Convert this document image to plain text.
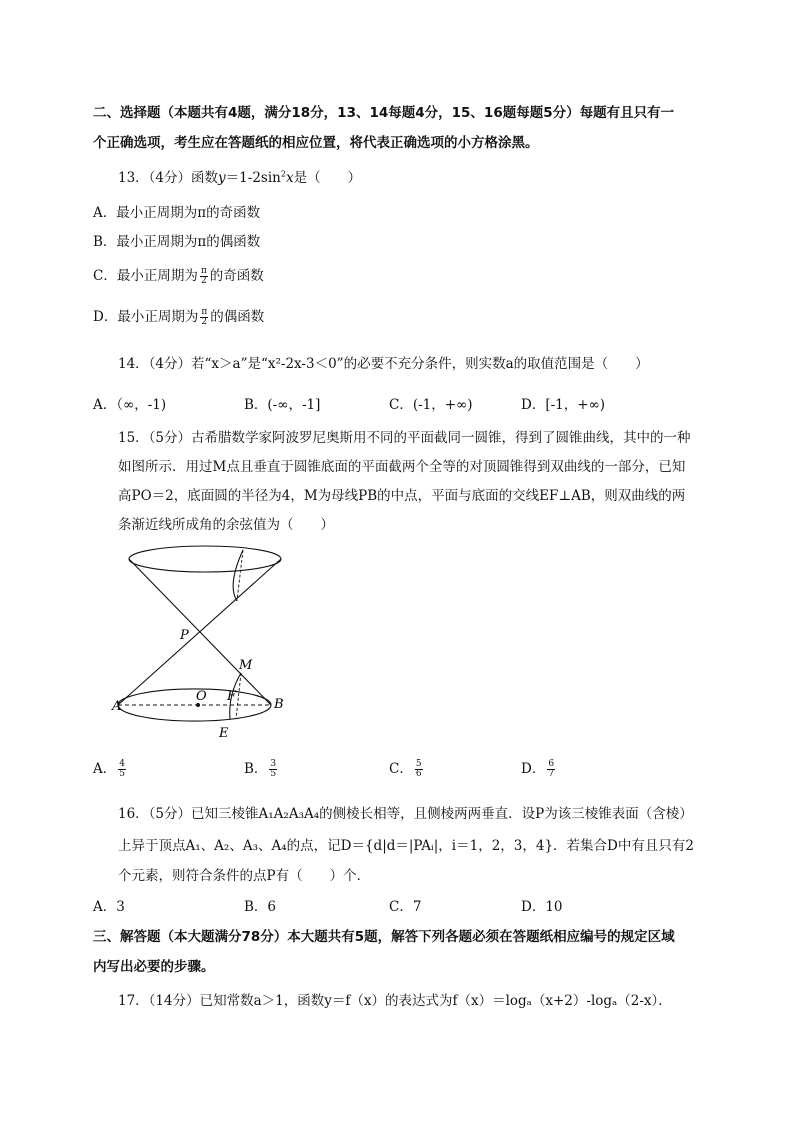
二、选择题（本题共有4题，满分18分，13、14每题4分，15、16题每题5分）每题有且只有一
个正确选项，考生应在答题纸的相应位置，将代表正确选项的小方格涂黑。
13．（4分）函数$y=1-2\sin^2x$是（　　）
A．最小正周期为π的奇函数
B．最小正周期为π的偶函数
C．最小正周期为 $\frac{\pi}{2}$ 的奇函数
D．最小正周期为 $\frac{\pi}{2}$ 的偶函数
14．（4分）若“x＞a”是“x²-2x-3＜0”的必要不充分条件，则实数a的取值范围是（　　）
A．（∞，-1)	B．(-∞，-1]	C．(-1，+∞)	D．[-1，+∞)
15．（5分）古希腊数学家阿波罗尼奥斯用不同的平面截同一圆锥，得到了圆锥曲线，其中的一种
如图所示．用过M点且垂直于圆锥底面的平面截两个全等的对顶圆锥得到双曲线的一部分，已知
高PO＝2，底面圆的半径为4，M为母线PB的中点，平面与底面的交线EF⊥AB，则双曲线的两
条渐近线所成角的余弦值为（　　）
P
M
O F
A	B
E
A． $\frac{4}{5}$	B． $\frac{3}{5}$	C． $\frac{5}{6}$	D． $\frac{6}{7}$
16．（5分）已知三棱锥A₁A₂A₃A₄的侧棱长相等，且侧棱两两垂直．设P为该三棱锥表面（含棱）
上异于顶点A₁、A₂、A₃、A₄的点，记D＝{d|d＝|PAᵢ|，i＝1，2，3，4}．若集合D中有且只有2
个元素，则符合条件的点P有（　　）个．
A．3	B．6	C．7	D．10
三、解答题（本大题满分78分）本大题共有5题，解答下列各题必须在答题纸相应编号的规定区域
内写出必要的步骤。
17．（14分）已知常数a＞1，函数y＝f（x）的表达式为f（x）＝logₐ（x+2）-logₐ（2-x）．
